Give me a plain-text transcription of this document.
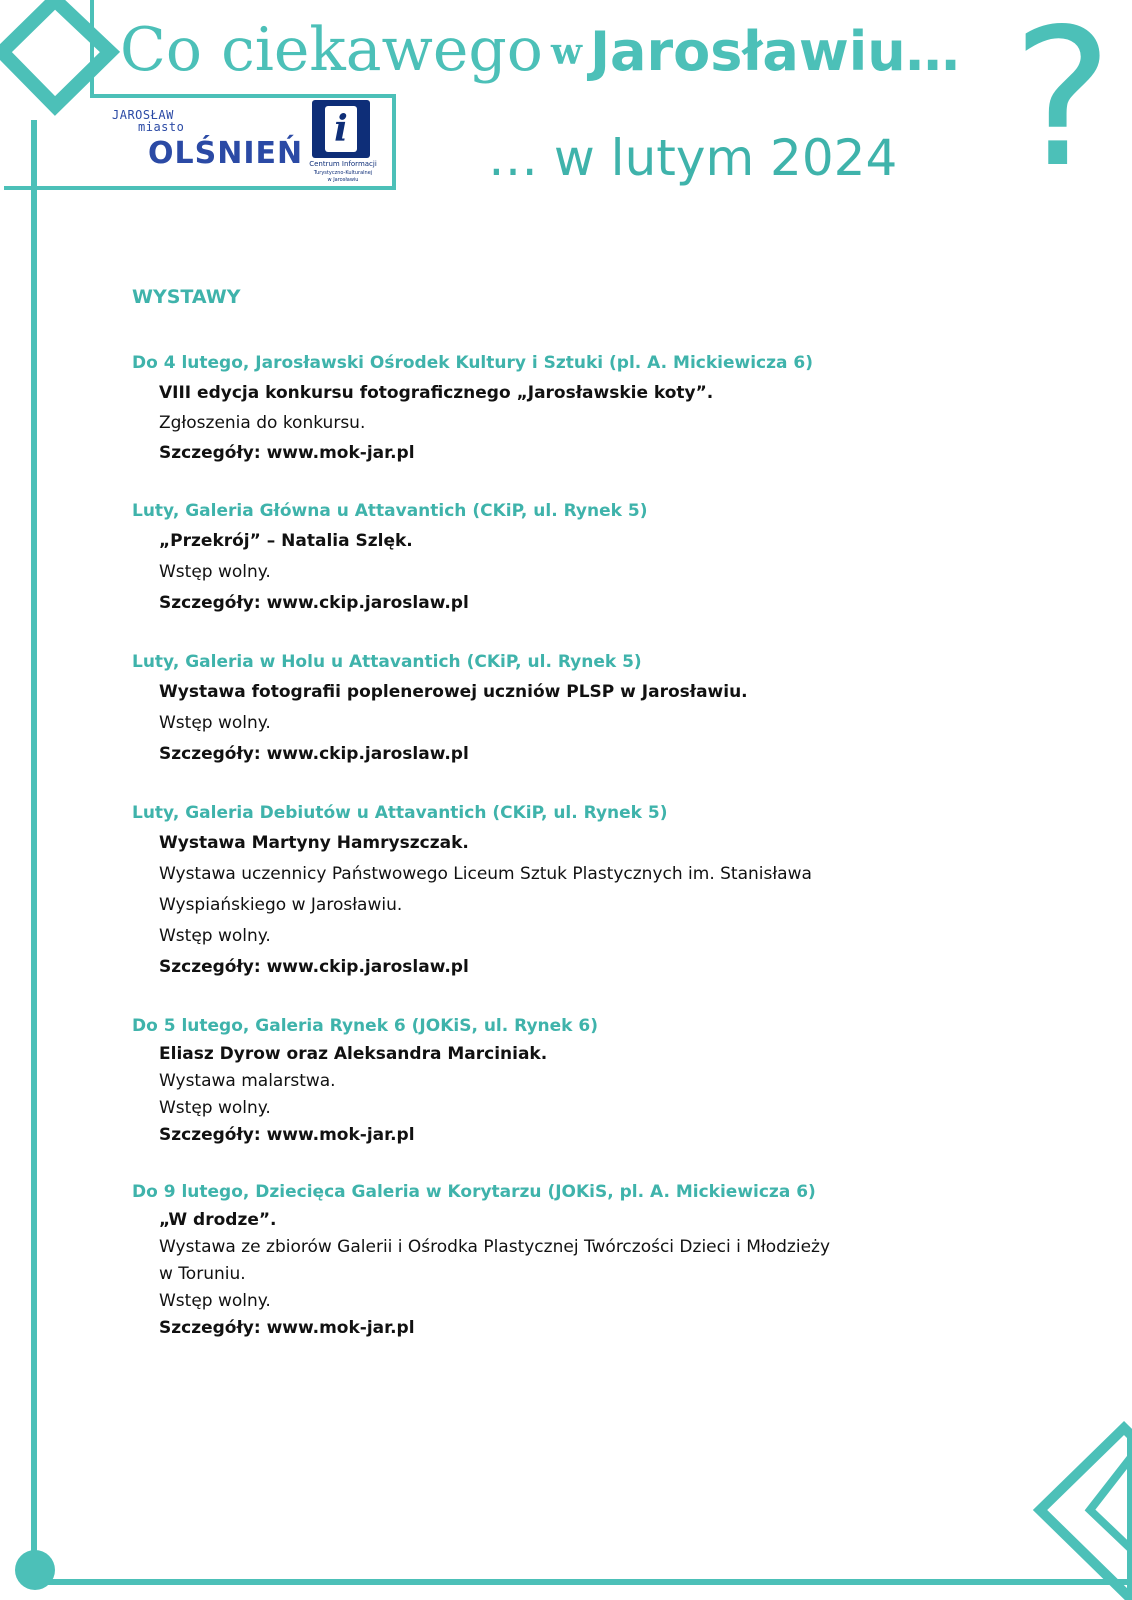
Co ciekawego w Jarosławiu…
… w lutym 2024 ?
JAROSŁAW
miasto
OLŚNIEŃ
i
Centrum Informacji
Turystyczno-Kulturalnej
w Jarosławiu
WYSTAWY
Do 4 lutego, Jarosławski Ośrodek Kultury i Sztuki (pl. A. Mickiewicza 6)
VIII edycja konkursu fotograficznego „Jarosławskie koty”.
Zgłoszenia do konkursu.
Szczegóły: www.mok-jar.pl
Luty, Galeria Główna u Attavantich (CKiP, ul. Rynek 5)
„Przekrój” – Natalia Szlęk.
Wstęp wolny.
Szczegóły: www.ckip.jaroslaw.pl
Luty, Galeria w Holu u Attavantich (CKiP, ul. Rynek 5)
Wystawa fotografii poplenerowej uczniów PLSP w Jarosławiu.
Wstęp wolny.
Szczegóły: www.ckip.jaroslaw.pl
Luty, Galeria Debiutów u Attavantich (CKiP, ul. Rynek 5)
Wystawa Martyny Hamryszczak.
Wystawa uczennicy Państwowego Liceum Sztuk Plastycznych im. Stanisława
Wyspiańskiego w Jarosławiu.
Wstęp wolny.
Szczegóły: www.ckip.jaroslaw.pl
Do 5 lutego, Galeria Rynek 6 (JOKiS, ul. Rynek 6)
Eliasz Dyrow oraz Aleksandra Marciniak.
Wystawa malarstwa.
Wstęp wolny.
Szczegóły: www.mok-jar.pl
Do 9 lutego, Dziecięca Galeria w Korytarzu (JOKiS, pl. A. Mickiewicza 6)
„W drodze”.
Wystawa ze zbiorów Galerii i Ośrodka Plastycznej Twórczości Dzieci i Młodzieży
w Toruniu.
Wstęp wolny.
Szczegóły: www.mok-jar.pl
